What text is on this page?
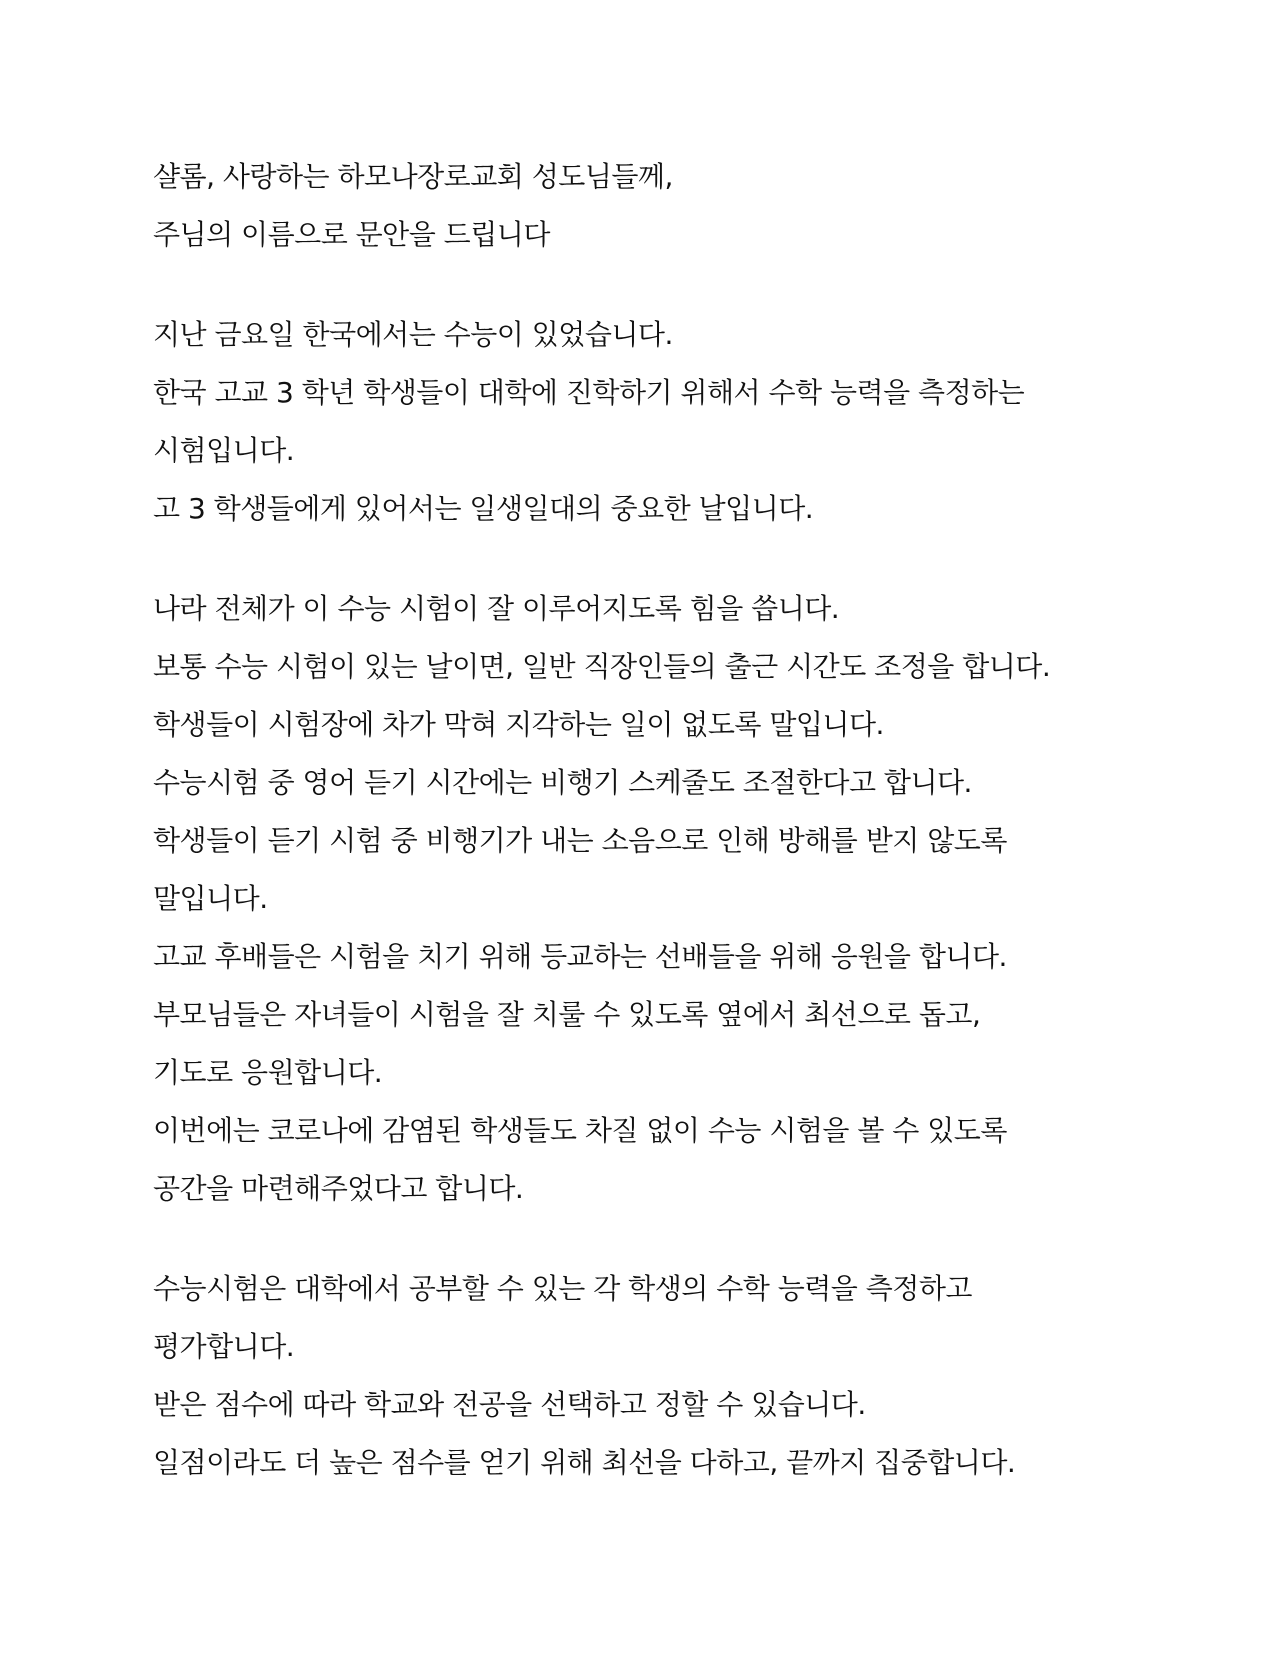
샬롬, 사랑하는 하모나장로교회 성도님들께,
주님의 이름으로 문안을 드립니다
지난 금요일 한국에서는 수능이 있었습니다.
한국 고교 3 학년 학생들이 대학에 진학하기 위해서 수학 능력을 측정하는
시험입니다.
고 3 학생들에게 있어서는 일생일대의 중요한 날입니다.
나라 전체가 이 수능 시험이 잘 이루어지도록 힘을 씁니다.
보통 수능 시험이 있는 날이면, 일반 직장인들의 출근 시간도 조정을 합니다.
학생들이 시험장에 차가 막혀 지각하는 일이 없도록 말입니다.
수능시험 중 영어 듣기 시간에는 비행기 스케줄도 조절한다고 합니다.
학생들이 듣기 시험 중 비행기가 내는 소음으로 인해 방해를 받지 않도록
말입니다.
고교 후배들은 시험을 치기 위해 등교하는 선배들을 위해 응원을 합니다.
부모님들은 자녀들이 시험을 잘 치룰 수 있도록 옆에서 최선으로 돕고,
기도로 응원합니다.
이번에는 코로나에 감염된 학생들도 차질 없이 수능 시험을 볼 수 있도록
공간을 마련해주었다고 합니다.
수능시험은 대학에서 공부할 수 있는 각 학생의 수학 능력을 측정하고
평가합니다.
받은 점수에 따라 학교와 전공을 선택하고 정할 수 있습니다.
일점이라도 더 높은 점수를 얻기 위해 최선을 다하고, 끝까지 집중합니다.
